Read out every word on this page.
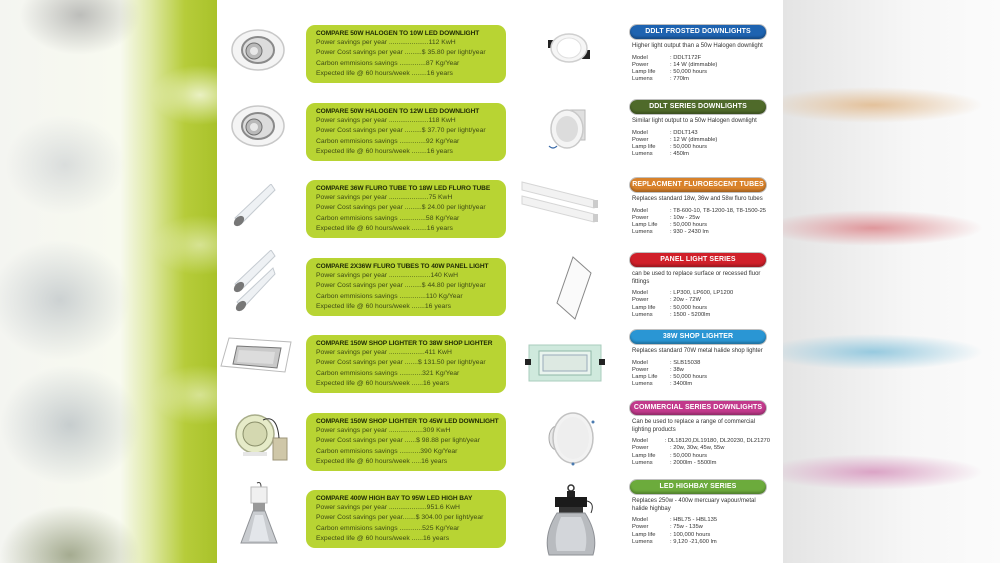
COMPARE 50W HALOGEN TO 10W LED DOWNLIGHT
Power savings per year .....................112 KwH
Power Cost savings per year .........$ 35.80 per light/year
Carbon emmisions savings ..............87 Kg/Year
Expected life @ 60 hours/week ........16 years
COMPARE 50W HALOGEN TO 12W LED DOWNLIGHT
Power savings per year .....................118 KwH
Power Cost savings per year .........$ 37.70 per light/year
Carbon emmisions savings ..............92 Kg/Year
Expected life @ 60 hours/week ........16 years
COMPARE 36W FLURO TUBE TO 18W LED FLURO TUBE
Power savings per year .....................75 KwH
Power Cost savings per year .........$ 24.00 per light/year
Carbon emmisions savings ..............58 Kg/Year
Expected life @ 60 hours/week ........16 years
COMPARE 2X36W FLURO TUBES TO 40W PANEL LIGHT
Power savings per year ......................140 KwH
Power Cost savings per year .........$ 44.80 per light/year
Carbon emmisions savings ..............110 Kg/Year
Expected life @ 60 hours/week .......16 years
COMPARE 150W SHOP LIGHTER TO 38W SHOP LIGHTER
Power savings per year ...................411 KwH
Power Cost savings per year .......$ 131.50 per light/year
Carbon emmisions savings ............321 Kg/Year
Expected life @ 60 hours/week ......16 years
COMPARE 150W SHOP LIGHTER TO 45W LED DOWNLIGHT
Power savings per year ..................309 KwH
Power Cost savings per year ......$ 98.88 per light/year
Carbon emmisions savings ...........390 Kg/Year
Expected life @ 60 hours/week .....16 years
COMPARE 400W HIGH BAY TO 95W LED HIGH BAY
Power savings per year ....................951.6 KwH
Power Cost savings per year.......$ 304.00 per light/year
Carbon emmisions savings ............525 Kg/Year
Expected life @ 60 hours/week ......16 years
DDLT FROSTED DOWNLIGHTS
Higher light output than a 50w Halogen downlight
Model	: DDLT172F
Power	: 14 W (dimmable)
Lamp life	: 50,000 hours
Lumens	: 770lm
DDLT SERIES DOWNLIGHTS
Similar light output to a 50w Halogen downlight
Model	: DDLT143
Power	: 12 W (dimmable)
Lamp life	: 50,000 hours
Lumens	: 450lm
REPLACMENT FLUROESCENT TUBES
Replaces standard 18w, 36w and 58w fluro tubes
Model	: T8-600-10, T8-1200-18, T8-1500-25
Power	: 10w - 25w
Lamp Life	: 50,000 hours
Lumens	: 930 - 2430 lm
PANEL LIGHT SERIES
can be used to replace surface or recessed fluor fittings
Model	: LP300, LP600, LP1200
Power	: 20w - 72W
Lamp life	: 50,000 hours
Lumens	: 1500 - 5200lm
38W SHOP LIGHTER
Replaces standard 70W metal halide shop lighter
Model	: SLB15038
Power	: 38w
Lamp Life	: 50,000 hours
Lumens	: 3400lm
COMMERCIAL SERIES DOWNLIGHTS
Can be used to replace a range of commercial lighting products
Model	: DL18120,DL19180, DL20230, DL21270
Power	: 20w, 30w, 45w, 55w
Lamp life	: 50,000 hours
Lumens	: 2000lm - 5500lm
LED HIGHBAY SERIES
Replaces 250w - 400w mercuary vapour/metal halide highbay
Model	: HBL75 - HBL135
Power	: 75w - 135w
Lamp life	: 100,000 hours
Lumens	: 9,120 -21,600 lm
